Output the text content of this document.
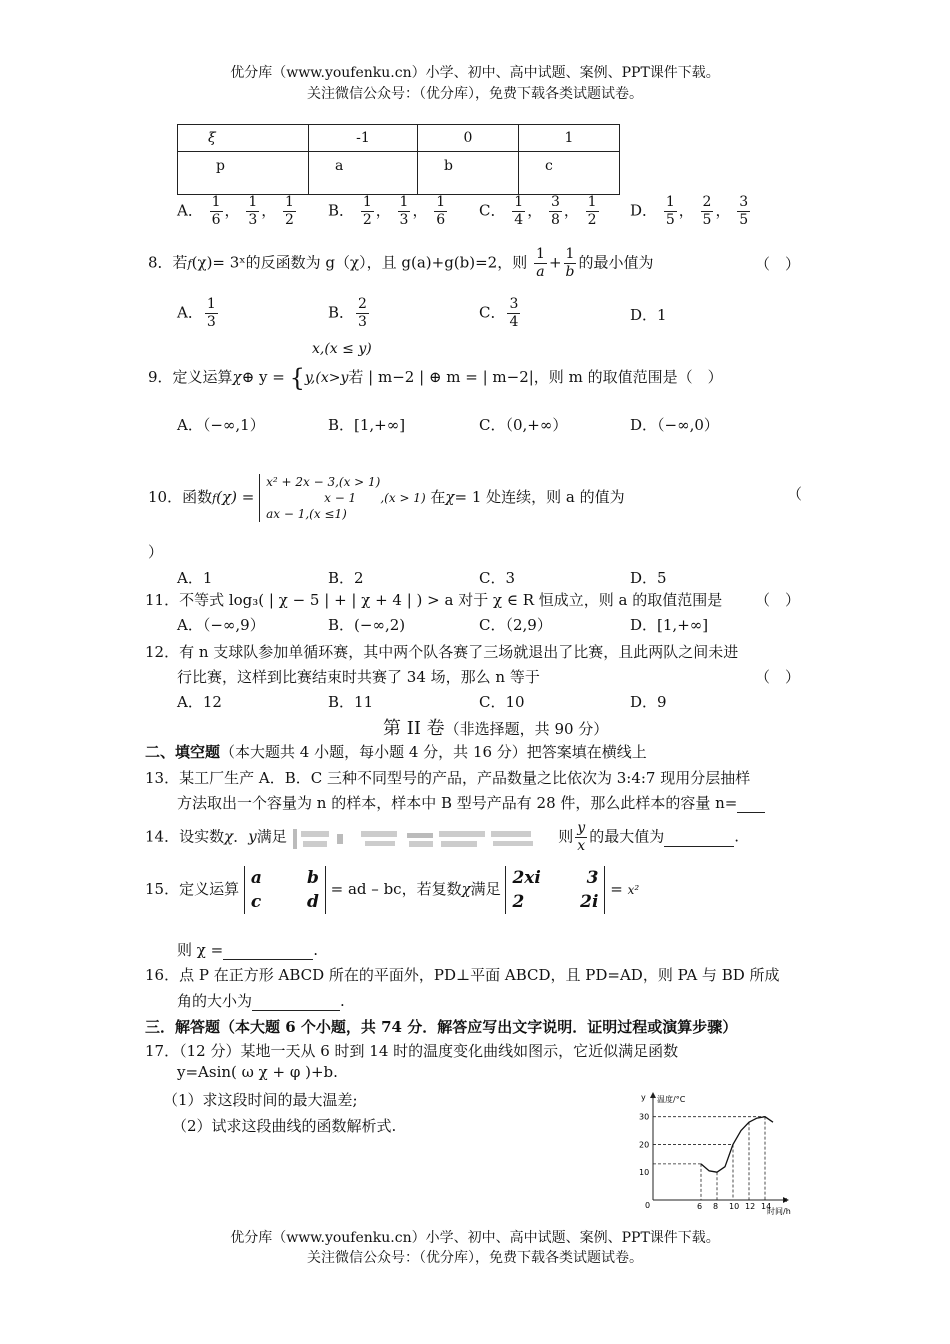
优分库（www.youfenku.cn）小学、初中、高中试题、案例、PPT课件下载。
关注微信公众号：（优分库），免费下载各类试题试卷。
ξ	-1	0	1
p	a	b	c
A． $\frac{1}{6}$ ， $\frac{1}{3}$ ， $\frac{1}{2}$ B． $\frac{1}{2}$ ， $\frac{1}{3}$ ， $\frac{1}{6}$ C． $\frac{1}{4}$ ， $\frac{3}{8}$ ， $\frac{1}{2}$ D． $\frac{1}{5}$ ， $\frac{2}{5}$ ， $\frac{3}{5}$
8．若f(χ)= 3ˣ的反函数为 g（χ），且 g(a)+g(b)=2，则 $\frac{1}{a} + \frac{1}{b}$ 的最小值为	（　）
A． $\frac{1}{3}$	B． $\frac{2}{3}$	C． $\frac{3}{4}$	D．1
x,(x ≤ y)
9．定义运算χ⊕ y = {y,(x>y若 | m−2 | ⊕ m = | m−2|，则 m 的取值范围是（　）
A．（−∞,1）	B．[1,+∞]	C．（0,+∞）	D．（−∞,0）
10．函数f(χ) =
x² + 2x − 3,(x > 1)
x − 1
ax − 1,(x ≤1)
,(x > 1) 在χ= 1 处连续，则 a 的值为	（
）
A．1	B．2	C．3	D．5
11．不等式 log₃( | χ − 5 | + | χ + 4 | ) > a 对于 χ ∈ R 恒成立，则 a 的取值范围是 （　）
A．（−∞,9）	B．(−∞,2)	C．（2,9）	D．[1,+∞]
12．有 n 支球队参加单循环赛，其中两个队各赛了三场就退出了比赛，且此两队之间未进
行比赛，这样到比赛结束时共赛了 34 场，那么 n 等于	（　）
A．12	B．11	C．10	D．9
第 II 卷（非选择题，共 90 分）
二、填空题（本大题共 4 小题，每小题 4 分，共 16 分）把答案填在横线上
13．某工厂生产 A．B．C 三种不同型号的产品，产品数量之比依次为 3:4:7 现用分层抽样
方法取出一个容量为 n 的样本，样本中 B 型号产品有 28 件，那么此样本的容量 n=
14．设实数χ．y满足	则 $\frac{y}{x}$ 的最大值为	.
15．定义运算 a	b
c	d = ad – bc，若复数χ满足 2xi	3
2	2i = x²
则 χ =	.
16．点 P 在正方形 ABCD 所在的平面外，PD⊥平面 ABCD，且 PD=AD，则 PA 与 BD 所成
角的大小为	.
三．解答题（本大题 6 个小题，共 74 分．解答应写出文字说明．证明过程或演算步骤）
17．（12 分）某地一天从 6 时到 14 时的温度变化曲线如图示，它近似满足函数
y=Asin( ω χ + φ )+b.
（1）求这段时间的最大温差;
（2）试求这段曲线的函数解析式.
y 温度/°C
x
时间/h
0
10
20
30
6 8 10 12 14
优分库（www.youfenku.cn）小学、初中、高中试题、案例、PPT课件下载。
关注微信公众号：（优分库），免费下载各类试题试卷。
